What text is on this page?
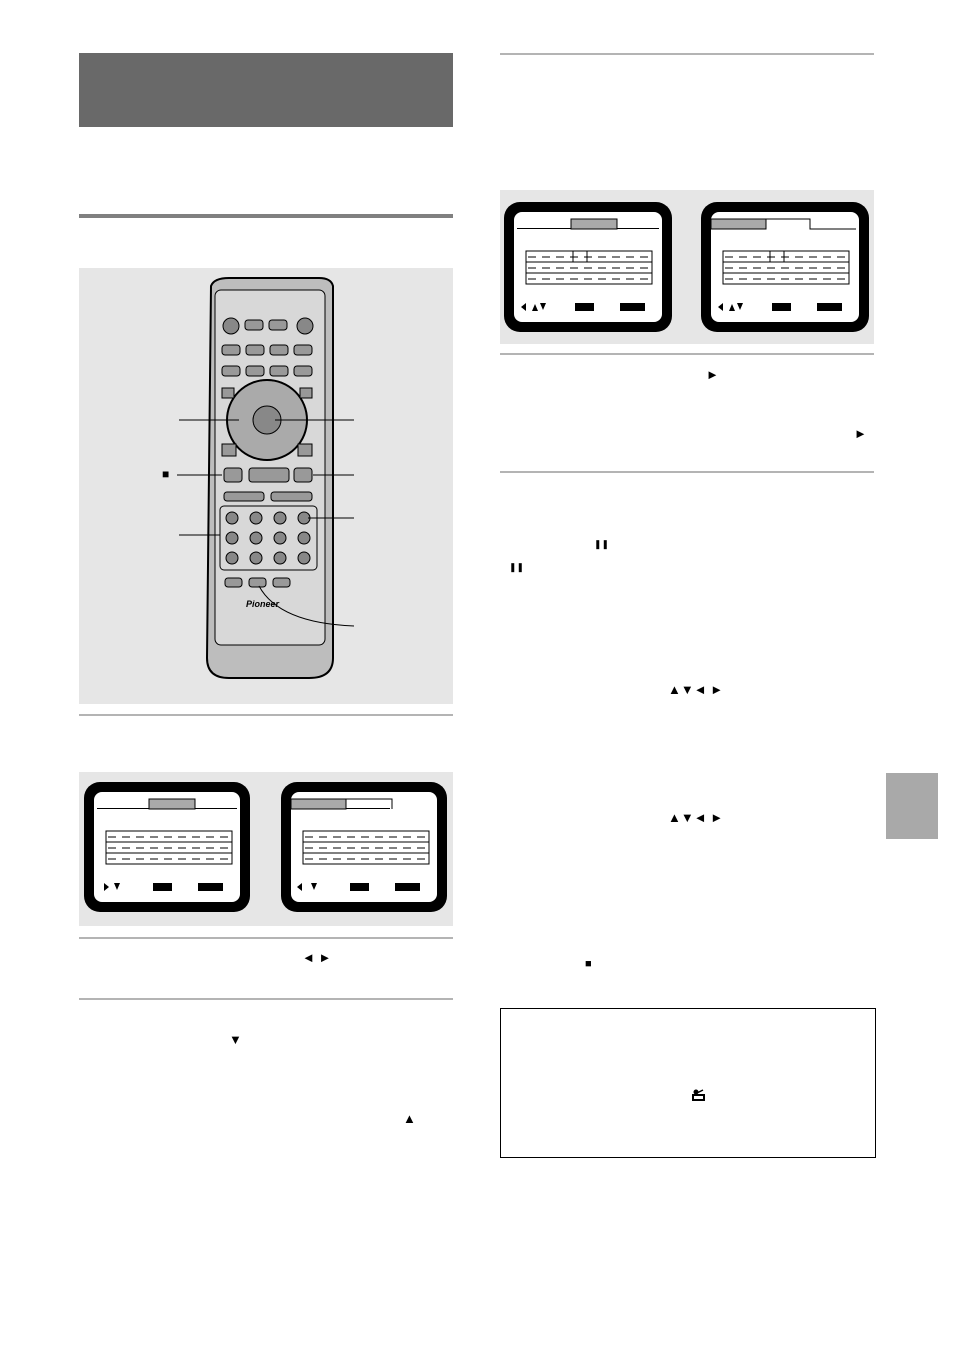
■
Pioneer
◄ ►
▼
▲
►
►
❚❚
❚❚
▲▼◄ ►
▲▼◄ ►
■
